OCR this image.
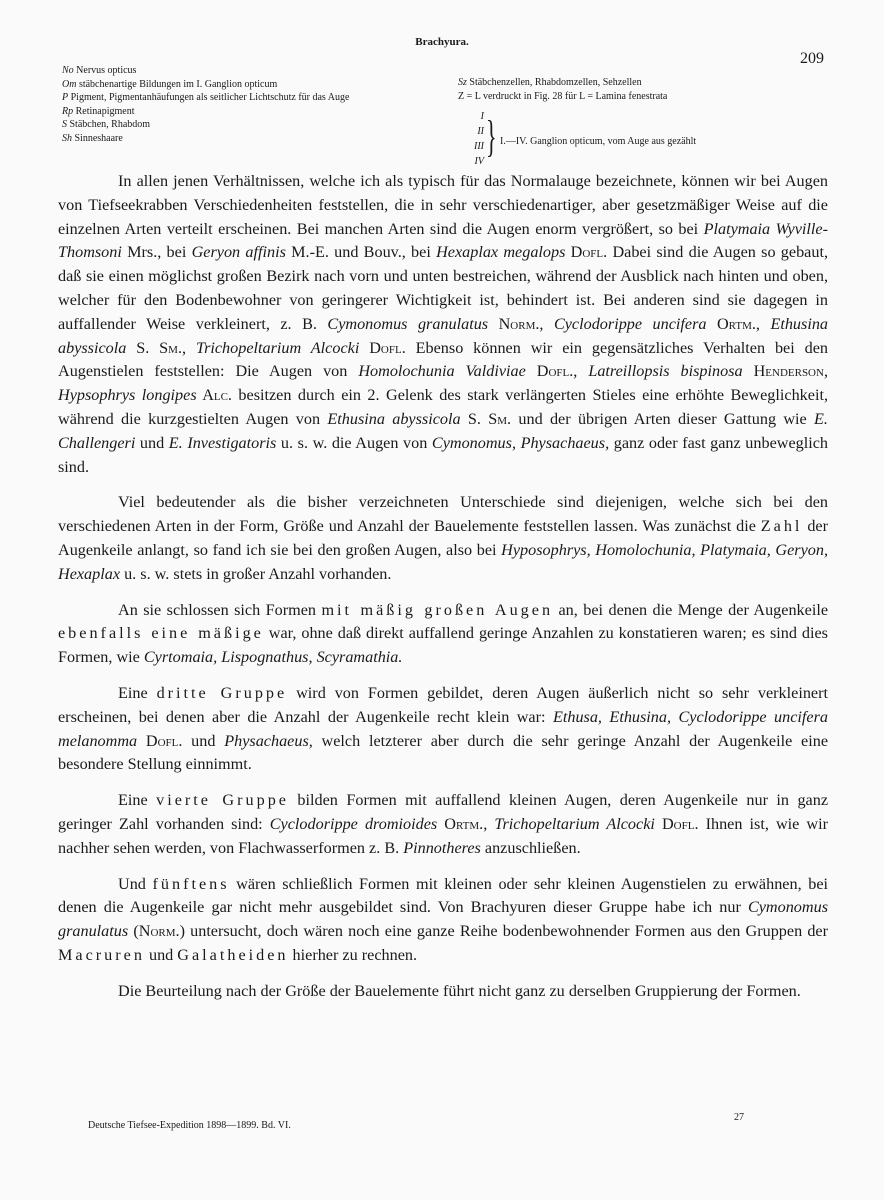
Brachyura.
209
No Nervus opticus
Om stäbchenartige Bildungen im I. Ganglion opticum
P Pigment, Pigmentanhäufungen als seitlicher Lichtschutz für das Auge
Rp Retinapigment
S Stäbchen, Rhabdom
Sh Sinneshaare
Sz Stäbchenzellen, Rhabdomzellen, Sehzellen
Z = L verdruckt in Fig. 28 für L = Lamina fenestrata
I
II
III
IV
} I.—IV. Ganglion opticum, vom Auge aus gezählt

In allen jenen Verhältnissen, welche ich als typisch für das Normalauge bezeichnete, können wir bei Augen von Tiefseekrabben Verschiedenheiten feststellen, die in sehr verschiedenartiger, aber gesetzmäßiger Weise auf die einzelnen Arten verteilt erscheinen. Bei manchen Arten sind die Augen enorm vergrößert, so bei Platymaia Wyville-Thomsoni Mrs., bei Geryon affinis M.-E. und Bouv., bei Hexaplax megalops Dofl. Dabei sind die Augen so gebaut, daß sie einen möglichst großen Bezirk nach vorn und unten bestreichen, während der Ausblick nach hinten und oben, welcher für den Bodenbewohner von geringerer Wichtigkeit ist, behindert ist. Bei anderen sind sie dagegen in auffallender Weise verkleinert, z. B. Cymonomus granulatus Norm., Cyclodorippe uncifera Ortm., Ethusina abyssicola S. Sm., Trichopeltarium Alcocki Dofl. Ebenso können wir ein gegensätzliches Verhalten bei den Augenstielen feststellen: Die Augen von Homolochunia Valdiviae Dofl., Latreillopsis bispinosa Henderson, Hypsophrys longipes Alc. besitzen durch ein 2. Gelenk des stark verlängerten Stieles eine erhöhte Beweglichkeit, während die kurzgestielten Augen von Ethusina abyssicola S. Sm. und der übrigen Arten dieser Gattung wie E. Challengeri und E. Investigatoris u. s. w. die Augen von Cymonomus, Physachaeus, ganz oder fast ganz unbeweglich sind.

Viel bedeutender als die bisher verzeichneten Unterschiede sind diejenigen, welche sich bei den verschiedenen Arten in der Form, Größe und Anzahl der Bauelemente feststellen lassen. Was zunächst die Zahl der Augenkeile anlangt, so fand ich sie bei den großen Augen, also bei Hyposophrys, Homolochunia, Platymaia, Geryon, Hexaplax u. s. w. stets in großer Anzahl vorhanden.

An sie schlossen sich Formen mit mäßig großen Augen an, bei denen die Menge der Augenkeile ebenfalls eine mäßige war, ohne daß direkt auffallend geringe Anzahlen zu konstatieren waren; es sind dies Formen, wie Cyrtomaia, Lispognathus, Scyramathia.

Eine dritte Gruppe wird von Formen gebildet, deren Augen äußerlich nicht so sehr verkleinert erscheinen, bei denen aber die Anzahl der Augenkeile recht klein war: Ethusa, Ethusina, Cyclodorippe uncifera melanomma Dofl. und Physachaeus, welch letzterer aber durch die sehr geringe Anzahl der Augenkeile eine besondere Stellung einnimmt.

Eine vierte Gruppe bilden Formen mit auffallend kleinen Augen, deren Augenkeile nur in ganz geringer Zahl vorhanden sind: Cyclodorippe dromioides Ortm., Trichopeltarium Alcocki Dofl. Ihnen ist, wie wir nachher sehen werden, von Flachwasserformen z. B. Pinnotheres anzuschließen.

Und fünftens wären schließlich Formen mit kleinen oder sehr kleinen Augenstielen zu erwähnen, bei denen die Augenkeile gar nicht mehr ausgebildet sind. Von Brachyuren dieser Gruppe habe ich nur Cymonomus granulatus (Norm.) untersucht, doch wären noch eine ganze Reihe bodenbewohnender Formen aus den Gruppen der Macruren und Galatheiden hierher zu rechnen.

Die Beurteilung nach der Größe der Bauelemente führt nicht ganz zu derselben Gruppierung der Formen.

Deutsche Tiefsee-Expedition 1898—1899. Bd. VI.
27
